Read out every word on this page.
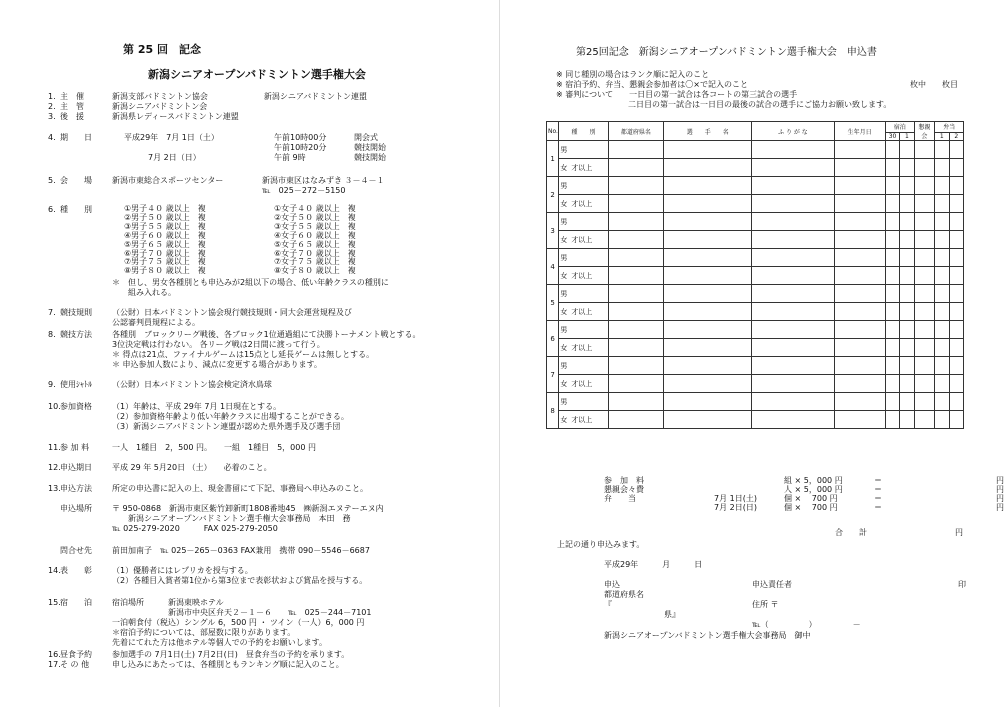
第 25 回　記念
新潟シニアオープンバドミントン選手権大会
1. 主　催	新潟支部バドミントン協会　　　　　　　新潟シニアバドミントン連盟
2. 主　管	新潟シニアバドミントン会
3. 後　援	新潟県レディースバドミントン連盟
4. 期　　日	平成29年　7月 1日（土）	午前10時00分	開会式
午前10時20分	競技開始
　　　7月 2日（日）	午前 9時	競技開始
5. 会　　場	新潟市東総合スポーツセンター	新潟市東区はなみずき ３－４－１
℡　025－272－5150
6. 種　　別	①男子４０ 歳以上　複	①女子４０ 歳以上　複
②男子５０ 歳以上　複	②女子５０ 歳以上　複
③男子５５ 歳以上　複	③女子５５ 歳以上　複
④男子６０ 歳以上　複	④女子６０ 歳以上　複
⑤男子６５ 歳以上　複	⑤女子６５ 歳以上　複
⑥男子７０ 歳以上　複	⑥女子７０ 歳以上　複
⑦男子７５ 歳以上　複	⑦女子７５ 歳以上　複
⑧男子８０ 歳以上　複	⑧女子８０ 歳以上　複
＊　但し、男女各種別とも申込みが2組以下の場合、低い年齢クラスの種別に
　　組み入れる。
7. 競技規則	（公財）日本バドミントン協会現行競技規則・同大会運営規程及び
公認審判員規程による。
8. 競技方法	各種別　ブロックリーグ戦後、各ブロック1位通過組にて決勝トーナメント戦とする。
3位決定戦は行わない。 各リーグ戦は2日間に渡って行う。
＊ 得点は21点、ファイナルゲームは15点とし延長ゲームは無しとする。
＊ 申込参加人数により、減点に変更する場合があります。
9. 使用ｼｬﾄﾙ	（公財）日本バドミントン協会検定済水鳥球
10. 参加資格	（1）年齢は、平成 29年 7月 1日現在とする。
（2）参加資格年齢より低い年齢クラスに出場することができる。
（3）新潟シニアバドミントン連盟が認めた県外選手及び選手団
11. 参 加 料	一人　1種目　2，500 円。　　一組　1種目　5，000 円
12. 申込期日	平成 29 年 5月20日 （土）　　必着のこと。
13. 申込方法	所定の申込書に記入の上、現金書留にて下記、事務局へ申込みのこと。
申込場所	〒 950-0868　新潟市東区紫竹卸新町1808番地45　㈱新潟エヌテーエヌ内
　　新潟シニアオープンバドミントン選手権大会事務局　本田　務
℡ 025-279-2020　　　FAX 025-279-2050
問合せ先	前田加南子　℡ 025－265－0363 FAX兼用　携帯 090－5546－6687
14. 表　　彰	（1）優勝者にはレプリカを授与する。
（2）各種目入賞者第1位から第3位まで表彰状および賞品を授与する。
15. 宿　　泊	宿泊場所　　　新潟東映ホテル
　　　　　　　新潟市中央区弁天２－１－６　　℡　025－244－7101
一泊朝食付（税込）シングル 6，500 円 ・ ツイン（一人）6，000 円
＊宿泊予約については、部屋数に限りがあります。
先着にてれた方は他ホテル等個人での予約をお願いします。
16. 昼食予約	参加選手の 7月1日(土) 7月2日(日)　昼食弁当の予約を承ります。
17. そ の 他	申し込みにあたっては、各種別ともランキング順に記入のこと。
第25回記念　新潟シニアオープンバドミントン選手権大会　申込書
※ 同じ種別の場合はランク順に記入のこと
※ 宿泊予約、弁当、懇親会参加者は〇×で記入のこと	枚中　　枚目
※ 審判について　　一日目の第一試合は各コートの第三試合の選手
　　　　　　　　　二日目の第一試合は一日目の最後の試合の選手にご協力お願い致します。
No.	種　　別	都道府県名	選　　手　　名	ふ り が な	生年月日	宿泊		懇親会	弁当	
						30	1		1	2
1	男									
	女 才以上									
2	男									
	女 才以上									
3	男									
	女 才以上									
4	男									
	女 才以上									
5	男									
	女 才以上									
6	男									
	女 才以上									
7	男									
	女 才以上									
8	男									
	女 才以上									
参　加　料	組 × 5，000 円	＝	円
懇親会々費	人 × 5，000 円	＝	円
弁　　当	7月 1日(土)	個 ×　 700 円	＝	円
7月 2日(日)	個 ×　 700 円	＝	円
合　　計	円
上記の通り申込みます。
平成29年　　　月　　　日
申込	申込責任者	印
都道府県名
『	住所 〒
県』
℡（　　　　　）　　　　　－
新潟シニアオープンバドミントン選手権大会事務局　御中
